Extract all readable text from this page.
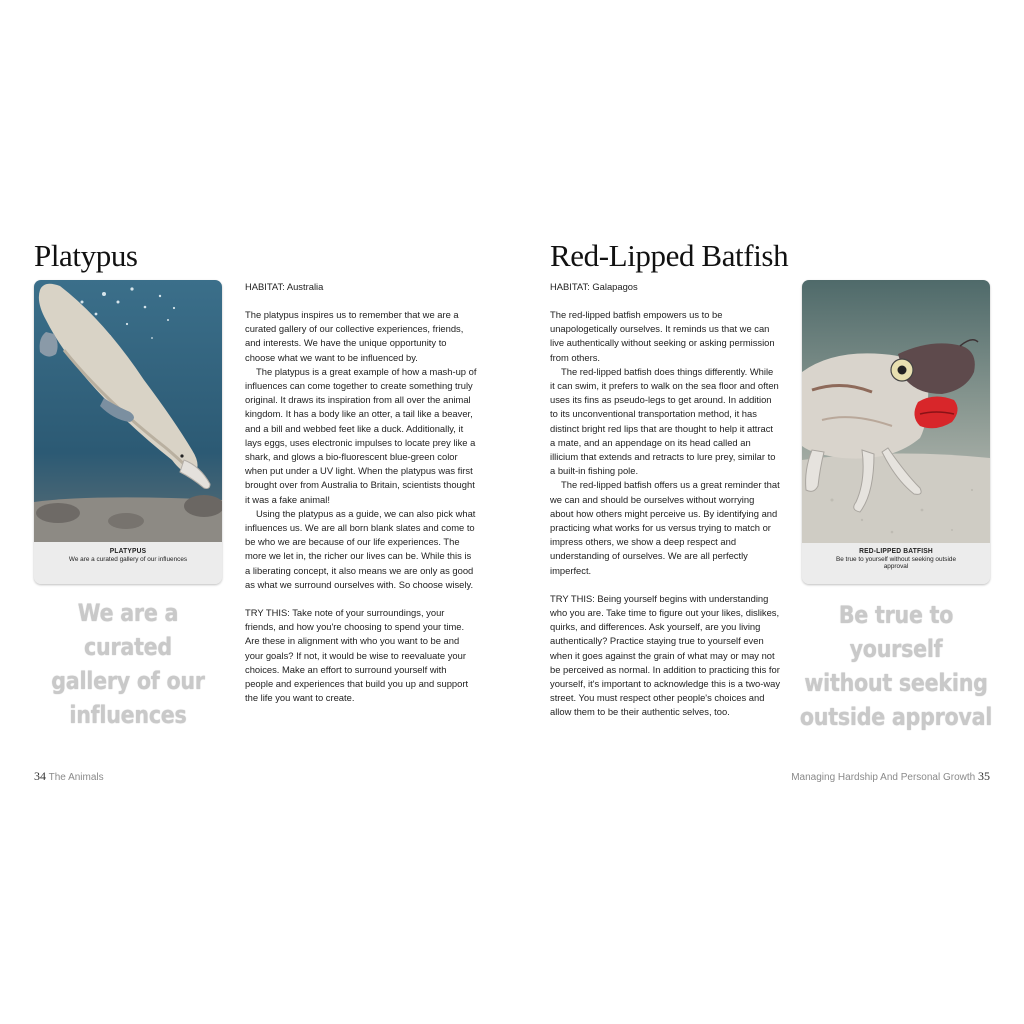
Platypus
PLATYPUS
We are a curated gallery of our influences
We are a curated
gallery of our
influences

HABITAT: Australia

The platypus inspires us to remember that we are a curated gallery of our collective experiences, friends, and interests. We have the unique opportunity to choose what we want to be influenced by.

The platypus is a great example of how a mash-up of influences can come together to create something truly original. It draws its inspiration from all over the animal kingdom. It has a body like an otter, a tail like a beaver, and a bill and webbed feet like a duck. Additionally, it lays eggs, uses electronic impulses to locate prey like a shark, and glows a bio-fluorescent blue-green color when put under a UV light. When the platypus was first brought over from Australia to Britain, scientists thought it was a fake animal!

Using the platypus as a guide, we can also pick what influences us. We are all born blank slates and come to be who we are because of our life experiences. The more we let in, the richer our lives can be. While this is a liberating concept, it also means we are only as good as what we surround ourselves with. So choose wisely.

TRY THIS: Take note of your surroundings, your friends, and how you're choosing to spend your time. Are these in alignment with who you want to be and your goals? If not, it would be wise to reevaluate your choices. Make an effort to surround yourself with people and experiences that build you up and support the life you want to create.

34 The Animals
Red-Lipped Batfish

HABITAT: Galapagos

The red-lipped batfish empowers us to be unapologetically ourselves. It reminds us that we can live authentically without seeking or asking permission from others.

The red-lipped batfish does things differently. While it can swim, it prefers to walk on the sea floor and often uses its fins as pseudo-legs to get around. In addition to its unconventional transportation method, it has distinct bright red lips that are thought to help it attract a mate, and an appendage on its head called an illicium that extends and retracts to lure prey, similar to a built-in fishing pole.

The red-lipped batfish offers us a great reminder that we can and should be ourselves without worrying about how others might perceive us. By identifying and practicing what works for us versus trying to match or impress others, we show a deep respect and understanding of ourselves. We are all perfectly imperfect.

TRY THIS: Being yourself begins with understanding who you are. Take time to figure out your likes, dislikes, quirks, and differences. Ask yourself, are you living authentically? Practice staying true to yourself even when it goes against the grain of what may or may not be perceived as normal. In addition to practicing this for yourself, it's important to acknowledge this is a two-way street. You must respect other people's choices and allow them to be their authentic selves, too.

RED-LIPPED BATFISH
Be true to yourself without seeking outside approval
Be true to yourself
without seeking
outside approval
Managing Hardship And Personal Growth 35
